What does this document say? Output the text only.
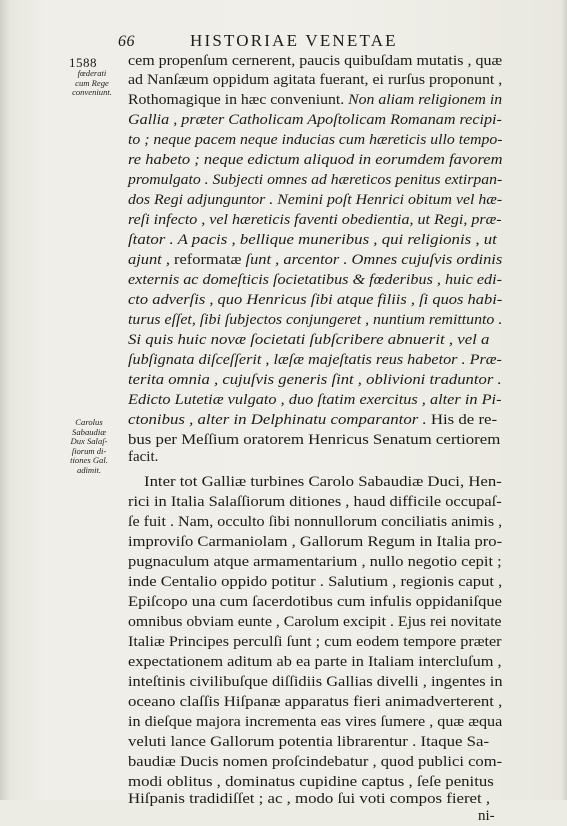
66	HISTORIAE VENETAE
1588
fœderati
cum Rege
conveniunt.
Carolus
Sabaudiæ
Dux Salaſ-
ſiorum di-
tiones Gal.
adimit.
cem propenſum cernerent, paucis quibuſdam mutatis , quæ
ad Nanſæum oppidum agitata fuerant, ei rurſus proponunt ,
Rothomagique in hæc conveniunt. Non aliam religionem in
Gallia , præter Catholicam Apoſtolicam Romanam recipi-
to ; neque pacem neque inducias cum hæreticis ullo tempo-
re habeto ; neque edictum aliquod in eorumdem favorem
promulgato . Subjecti omnes ad hæreticos penitus extirpan-
dos Regi adjunguntor . Nemini poſt Henrici obitum vel hæ-
reſi infecto , vel hæreticis faventi obedientia, ut Regi, præ-
ſtator . A pacis , bellique muneribus , qui religionis , ut
ajunt , reformatæ ſunt , arcentor . Omnes cujuſvis ordinis
externis ac domeſticis ſocietatibus & fœderibus , huic edi-
cto adverſis , quo Henricus ſibi atque filiis , ſi quos habi-
turus eſſet, ſibi ſubjectos conjungeret , nuntium remittunto .
Si quis huic novæ ſocietati ſubſcribere abnuerit , vel a
ſubſignata diſceſſerit , læſæ majeſtatis reus habetor . Præ-
terita omnia , cujuſvis generis ſint , oblivioni traduntor .
Edicto Lutetiæ vulgato , duo ſtatim exercitus , alter in Pi-
ctonibus , alter in Delphinatu comparantor . His de re-
bus per Meſſium oratorem Henricus Senatum certiorem
facit.
Inter tot Galliæ turbines Carolo Sabaudiæ Duci, Hen-
rici in Italia Salaſſiorum ditiones , haud difficile occupaſ-
ſe fuit . Nam, occulto ſibi nonnullorum conciliatis animis ,
improviſo Carmaniolam , Gallorum Regum in Italia pro-
pugnaculum atque armamentarium , nullo negotio cepit ;
inde Centalio oppido potitur . Salutium , regionis caput ,
Epiſcopo una cum ſacerdotibus cum infulis oppidaniſque
omnibus obviam eunte , Carolum excipit . Ejus rei novitate
Italiæ Principes perculſi ſunt ; cum eodem tempore præter
expectationem aditum ab ea parte in Italiam intercluſum ,
inteſtinis civilibuſque diſſidiis Gallias divelli , ingentes in
oceano claſſis Hiſpanæ apparatus fieri animadverterent ,
in dieſque majora incrementa eas vires ſumere , quæ æqua
veluti lance Gallorum potentia librarentur . Itaque Sa-
baudiæ Ducis nomen proſcindebatur , quod publici com-
modi oblitus , dominatus cupidine captus , ſeſe penitus
Hiſpanis tradidiſſet ; ac , modo ſui voti compos fieret ,
ni-
